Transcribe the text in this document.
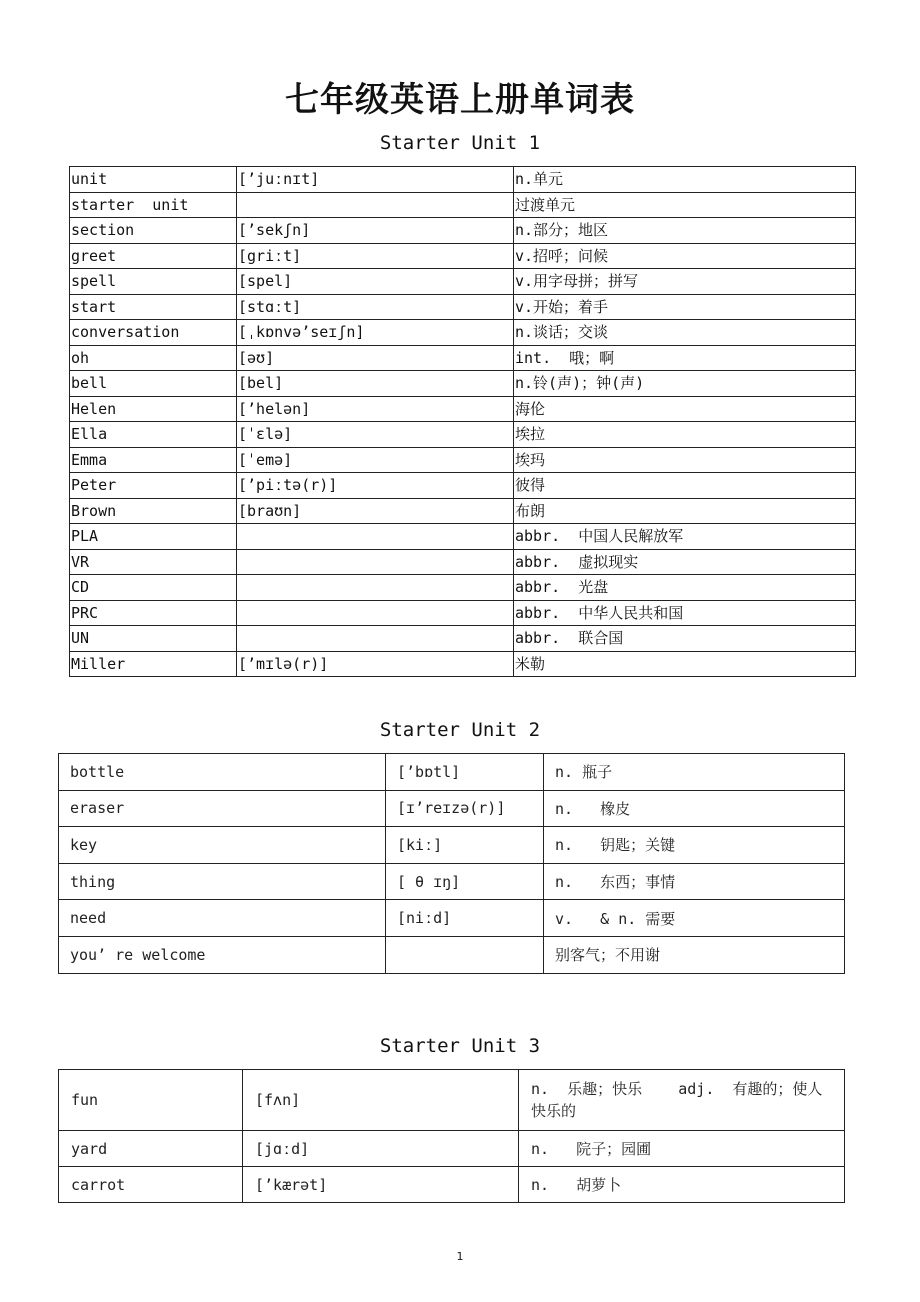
七年级英语上册单词表
Starter Unit 1
unit	[’juːnɪt]	n.单元
starter  unit		过渡单元
section	[’sekʃn]	n.部分；地区
greet	[griːt]	v.招呼；问候
spell	[spel]	v.用字母拼；拼写
start	[stɑːt]	v.开始；着手
conversation	[ˌkɒnvə’seɪʃn]	n.谈话；交谈
oh	[əʊ]	int.  哦；啊
bell	[bel]	n.铃(声)；钟(声)
Helen	[’helən]	海伦
Ella	[ˈɛlə]	埃拉
Emma	[ˈemə]	埃玛
Peter	[’piːtə(r)]	彼得
Brown	[braʊn]	布朗
PLA		abbr.  中国人民解放军
VR		abbr.  虚拟现实
CD		abbr.  光盘
PRC		abbr.  中华人民共和国
UN		abbr.  联合国
Miller	[’mɪlə(r)]	米勒
Starter Unit 2
bottle	[’bɒtl]	n. 瓶子
eraser	[ɪ’reɪzə(r)]	n.   橡皮
key	[kiː]	n.   钥匙；关键
thing	[ θ ɪŋ]	n.   东西；事情
need	[niːd]	v.   & n. 需要
you’ re welcome		别客气；不用谢
Starter Unit 3
fun	[fʌn]	n.  乐趣；快乐    adj.  有趣的；使人快乐的
yard	[jɑːd]	n.   院子；园圃
carrot	[’kærət]	n.   胡萝卜
1
